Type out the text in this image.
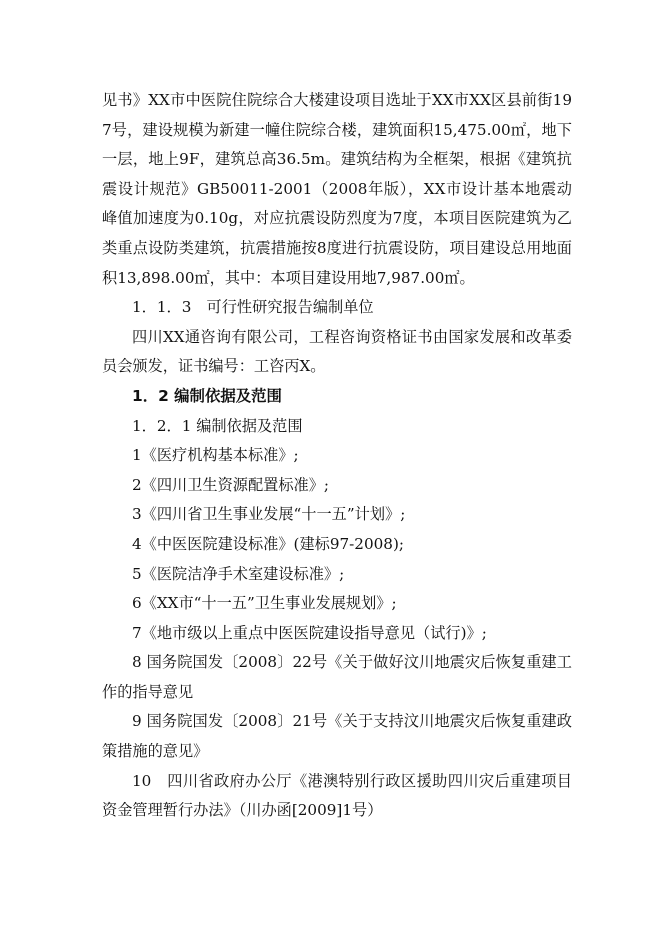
见书》XX市中医院住院综合大楼建设项目选址于XX市XX区县前街197号，建设规模为新建一幢住院综合楼，建筑面积15,475.00㎡，地下一层，地上9F，建筑总高36.5m。建筑结构为全框架，根据《建筑抗震设计规范》GB50011-2001（2008年版），XX市设计基本地震动峰值加速度为0.10g，对应抗震设防烈度为7度，本项目医院建筑为乙类重点设防类建筑，抗震措施按8度进行抗震设防，项目建设总用地面积13,898.00㎡，其中：本项目建设用地7,987.00㎡。

1．1．3　可行性研究报告编制单位

四川XX通咨询有限公司，工程咨询资格证书由国家发展和改革委员会颁发，证书编号：工咨丙X。

1．2 编制依据及范围

1．2．1 编制依据及范围

1《医疗机构基本标准》;

2《四川卫生资源配置标准》;

3《四川省卫生事业发展“十一五”计划》;

4《中医医院建设标准》(建标97-2008);

5《医院洁净手术室建设标准》;

6《XX市“十一五”卫生事业发展规划》;

7《地市级以上重点中医医院建设指导意见（试行)》;

8 国务院国发〔2008〕22号《关于做好汶川地震灾后恢复重建工作的指导意见

9 国务院国发〔2008〕21号《关于支持汶川地震灾后恢复重建政策措施的意见》

10　四川省政府办公厅《港澳特别行政区援助四川灾后重建项目资金管理暂行办法》（川办函[2009]1号）
